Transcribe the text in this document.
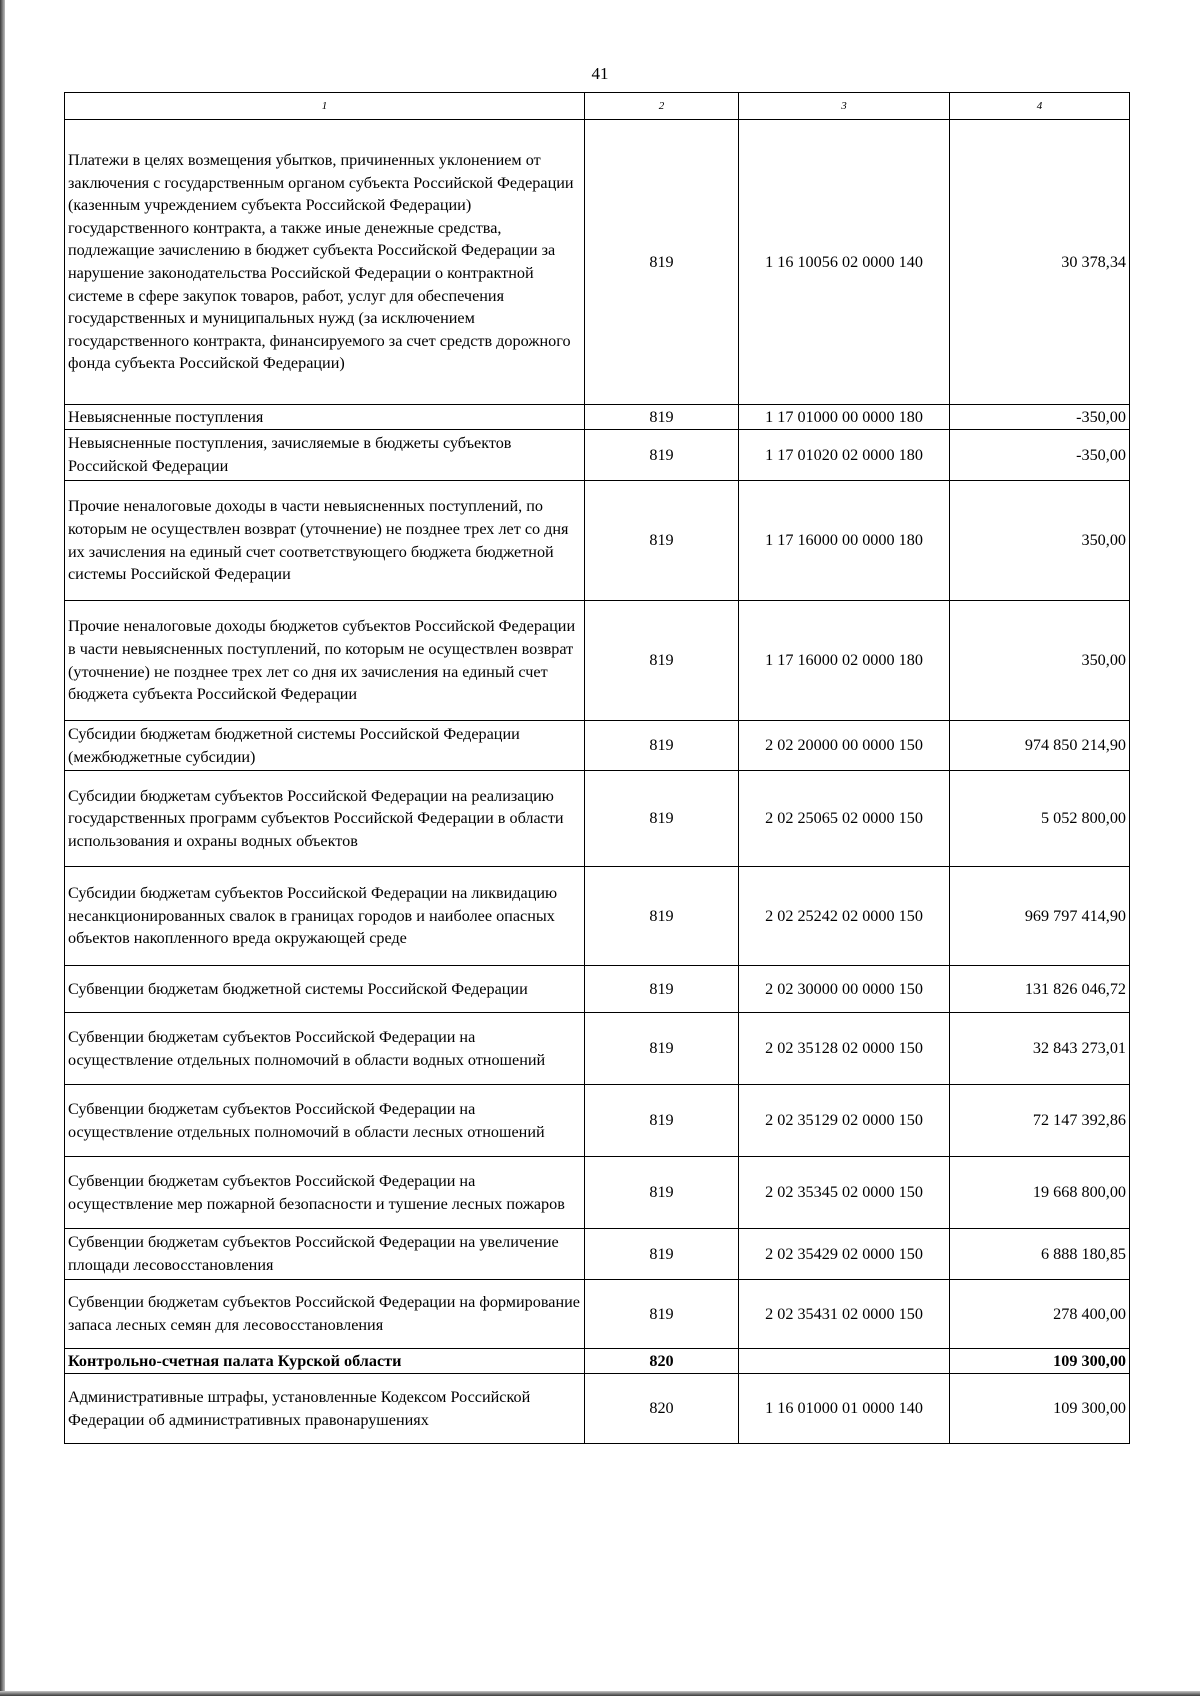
41
1	2	3	4
Платежи в целях возмещения убытков, причиненных уклонением от заключения с государственным органом субъекта Российской Федерации (казенным учреждением субъекта Российской Федерации) государственного контракта, а также иные денежные средства, подлежащие зачислению в бюджет субъекта Российской Федерации за нарушение законодательства Российской Федерации о контрактной системе в сфере закупок товаров, работ, услуг для обеспечения государственных и муниципальных нужд (за исключением государственного контракта, финансируемого за счет средств дорожного фонда субъекта Российской Федерации)	819	1 16 10056 02 0000 140	30 378,34
Невыясненные поступления	819	1 17 01000 00 0000 180	-350,00
Невыясненные поступления, зачисляемые в бюджеты субъектов Российской Федерации	819	1 17 01020 02 0000 180	-350,00
Прочие неналоговые доходы в части невыясненных поступлений, по которым не осуществлен возврат (уточнение) не позднее трех лет со дня их зачисления на единый счет соответствующего бюджета бюджетной системы Российской Федерации	819	1 17 16000 00 0000 180	350,00
Прочие неналоговые доходы бюджетов субъектов Российской Федерации в части невыясненных поступлений, по которым не осуществлен возврат (уточнение) не позднее трех лет со дня их зачисления на единый счет бюджета субъекта Российской Федерации	819	1 17 16000 02 0000 180	350,00
Субсидии бюджетам бюджетной системы Российской Федерации (межбюджетные субсидии)	819	2 02 20000 00 0000 150	974 850 214,90
Субсидии бюджетам субъектов Российской Федерации на реализацию государственных программ субъектов Российской Федерации в области использования и охраны водных объектов	819	2 02 25065 02 0000 150	5 052 800,00
Субсидии бюджетам субъектов Российской Федерации на ликвидацию несанкционированных свалок в границах городов и наиболее опасных объектов накопленного вреда окружающей среде	819	2 02 25242 02 0000 150	969 797 414,90
Субвенции бюджетам бюджетной системы Российской Федерации	819	2 02 30000 00 0000 150	131 826 046,72
Субвенции бюджетам субъектов Российской Федерации на осуществление отдельных полномочий в области водных отношений	819	2 02 35128 02 0000 150	32 843 273,01
Субвенции бюджетам субъектов Российской Федерации на осуществление отдельных полномочий в области лесных отношений	819	2 02 35129 02 0000 150	72 147 392,86
Субвенции бюджетам субъектов Российской Федерации на осуществление мер пожарной безопасности и тушение лесных пожаров	819	2 02 35345 02 0000 150	19 668 800,00
Субвенции бюджетам субъектов Российской Федерации на увеличение площади лесовосстановления	819	2 02 35429 02 0000 150	6 888 180,85
Субвенции бюджетам субъектов Российской Федерации на формирование запаса лесных семян для лесовосстановления	819	2 02 35431 02 0000 150	278 400,00
Контрольно-счетная палата Курской области	820		109 300,00
Административные штрафы, установленные Кодексом Российской Федерации об административных правонарушениях	820	1 16 01000 01 0000 140	109 300,00
